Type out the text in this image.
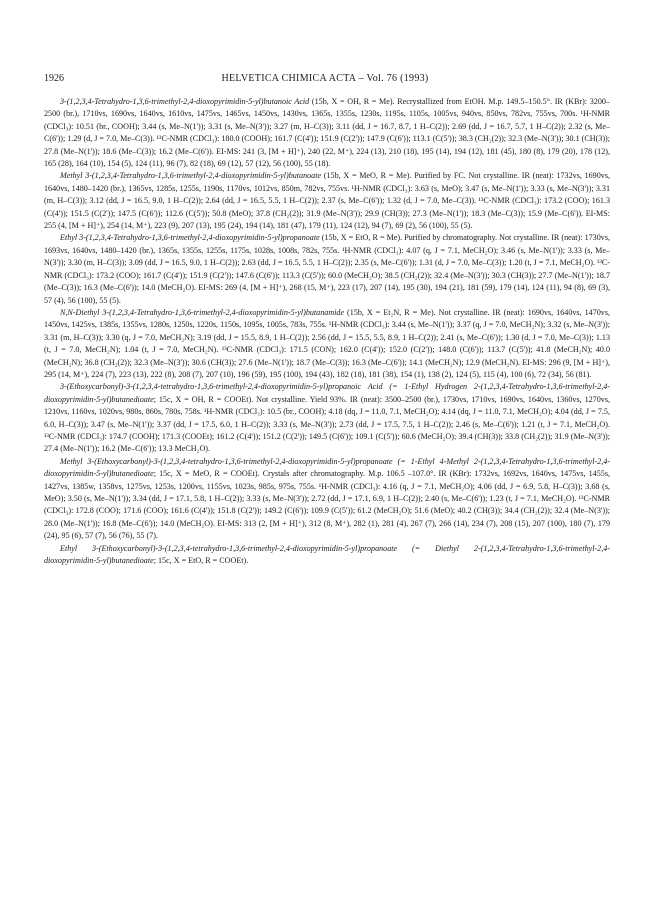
1926	HELVETICA CHIMICA ACTA – Vol. 76 (1993)

3-(1,2,3,4-Tetrahydro-1,3,6-trimethyl-2,4-dioxopyrimidin-5-yl)butanoic Acid (15b, X = OH, R = Me). Recrystallized from EtOH. M.p. 149.5–150.5°. IR (KBr): 3200–2500 (br.), 1710vs, 1690vs, 1640vs, 1610vs, 1475vs, 1465vs, 1450vs, 1430vs, 1365s, 1355s, 1230s, 1195s, 1105s, 1005vs, 940vs, 850vs, 782vs, 755vs, 700s. ¹H-NMR (CDCl₃): 10.51 (br., COOH); 3.44 (s, Me–N(1')); 3.31 (s, Me–N(3')); 3.27 (m, H–C(3)); 3.11 (dd, J = 16.7, 8.7, 1 H–C(2)); 2.69 (dd, J = 16.7, 5.7, 1 H–C(2)); 2.32 (s, Me–C(6')); 1.29 (d, J = 7.0, Me–C(3)). ¹³C-NMR (CDCl₃): 180.0 (COOH); 161.7 (C(4')); 151.9 (C(2')); 147.9 (C(6')); 113.1 (C(5')); 38.3 (CH₂(2)); 32.3 (Me–N(3')); 30.1 (CH(3)); 27.8 (Me–N(1')); 18.6 (Me–C(3)); 16.2 (Me–C(6')). EI-MS: 241 (3, [M + H]⁺), 240 (22, M⁺), 224 (13), 210 (18), 195 (14), 194 (12), 181 (45), 180 (8), 179 (20), 178 (12), 165 (28), 164 (10), 154 (5), 124 (11), 96 (7), 82 (18), 69 (12), 57 (12), 56 (100), 55 (18).

Methyl 3-(1,2,3,4-Tetrahydro-1,3,6-trimethyl-2,4-dioxopyrimidin-5-yl)butanoate (15b, X = MeO, R = Me). Purified by FC. Not crystalline. IR (neat): 1732vs, 1690vs, 1640vs, 1480–1420 (br.), 1365vs, 1285s, 1255s, 1190s, 1170vs, 1012vs, 850m, 782vs, 755vs. ¹H-NMR (CDCl₃): 3.63 (s, MeO); 3.47 (s, Me–N(1')); 3.33 (s, Me–N(3')); 3.31 (m, H–C(3)); 3.12 (dd, J = 16.5, 9.0, 1 H–C(2)); 2.64 (dd, J = 16.5, 5.5, 1 H–C(2)); 2.37 (s, Me–C(6')); 1.32 (d, J = 7.0, Me–C(3)). ¹³C-NMR (CDCl₃): 173.2 (COO); 161.3 (C(4')); 151.5 (C(2')); 147.5 (C(6')); 112.6 (C(5')); 50.8 (MeO); 37.8 (CH₂(2)); 31.9 (Me–N(3')); 29.9 (CH(3)); 27.3 (Me–N(1')); 18.3 (Me–C(3)); 15.9 (Me–C(6')). EI-MS: 255 (4, [M + H]⁺), 254 (14, M⁺), 223 (9), 207 (13), 195 (24), 194 (14), 181 (47), 179 (11), 124 (12), 94 (7), 69 (2), 56 (100), 55 (5).

Ethyl 3-(1,2,3,4-Tetrahydro-1,3,6-trimethyl-2,4-dioxopyrimidin-5-yl)propanoate (15b, X = EtO, R = Me). Purified by chromatography. Not crystalline. IR (neat): 1730vs, 1693vs, 1640vs, 1480–1420 (br.), 1365s, 1355s, 1255s, 1175s, 1028s, 1008s, 782s, 755s. ¹H-NMR (CDCl₃): 4.07 (q, J = 7.1, MeCH₂O); 3.46 (s, Me–N(1')); 3.33 (s, Me–N(3')); 3.30 (m, H–C(3)); 3.09 (dd, J = 16.5, 9.0, 1 H–C(2)); 2.63 (dd, J = 16.5, 5.5, 1 H–C(2)); 2.35 (s, Me–C(6')); 1.31 (d, J = 7.0, Me–C(3)); 1.20 (t, J = 7.1, MeCH₂O). ¹³C-NMR (CDCl₃): 173.2 (COO); 161.7 (C(4')); 151.9 (C(2')); 147.6 (C(6')); 113.3 (C(5')); 60.0 (MeCH₂O); 38.5 (CH₂(2)); 32.4 (Me–N(3')); 30.3 (CH(3)); 27.7 (Me–N(1')); 18.7 (Me–C(3)); 16.3 (Me–C(6')); 14.0 (MeCH₂O). EI-MS: 269 (4, [M + H]⁺), 268 (15, M⁺), 223 (17), 207 (14), 195 (30), 194 (21), 181 (59), 179 (14), 124 (11), 94 (8), 69 (3), 57 (4), 56 (100), 55 (5).

N,N-Diethyl 3-(1,2,3,4-Tetrahydro-1,3,6-trimethyl-2,4-dioxopyrimidin-5-yl)butanamide (15b, X = Et₂N, R = Me). Not crystalline. IR (neat): 1690vs, 1640vs, 1470vs, 1450vs, 1425vs, 1385s, 1355vs, 1280s, 1250s, 1220s, 1150s, 1095s, 1005s, 783s, 755s. ¹H-NMR (CDCl₃): 3.44 (s, Me–N(1')); 3.37 (q, J = 7.0, MeCH₂N); 3.32 (s, Me–N(3')); 3.31 (m, H–C(3)); 3.30 (q, J = 7.0, MeCH₂N); 3.19 (dd, J = 15.5, 8.9, 1 H–C(2)); 2.56 (dd, J = 15.5, 5.5, 8.9, 1 H–C(2)); 2.41 (s, Me–C(6')); 1.30 (d, J = 7.0, Me–C(3)); 1.13 (t, J = 7.0, MeCH₂N); 1.04 (t, J = 7.0, MeCH₂N). ¹³C-NMR (CDCl₃): 171.5 (CON); 162.0 (C(4')); 152.0 (C(2')); 148.0 (C(6')); 113.7 (C(5')); 41.8 (MeCH₂N); 40.0 (MeCH₂N); 36.8 (CH₂(2)); 32.3 (Me–N(3')); 30.6 (CH(3)); 27.6 (Me–N(1')); 18.7 (Me–C(3)); 16.3 (Me–C(6')); 14.1 (MeCH₂N); 12.9 (MeCH₂N). EI-MS: 296 (9, [M + H]⁺), 295 (14, M⁺), 224 (7), 223 (13), 222 (8), 208 (7), 207 (10), 196 (59), 195 (100), 194 (43), 182 (18), 181 (38), 154 (1), 138 (2), 124 (5), 115 (4), 100 (6), 72 (34), 56 (81).

3-(Ethoxycarbonyl)-3-(1,2,3,4-tetrahydro-1,3,6-trimethyl-2,4-dioxopyrimidin-5-yl)propanoic Acid (= 1-Ethyl Hydrogen 2-(1,2,3,4-Tetrahydro-1,3,6-trimethyl-2,4-dioxopyrimidin-5-yl)butanedioate; 15c, X = OH, R = COOEt). Not crystalline. Yield 93%. IR (neat): 3500–2500 (br.), 1730vs, 1710vs, 1690vs, 1640vs, 1360vs, 1270vs, 1210vs, 1160vs, 1020vs, 980s, 860s, 780s, 758s. ¹H-NMR (CDCl₃): 10.5 (br., COOH); 4.18 (dq, J = 11.0, 7.1, MeCH₂O); 4.14 (dq, J = 11.0, 7.1, MeCH₂O); 4.04 (dd, J = 7.5, 6.0, H–C(3)); 3.47 (s, Me–N(1')); 3.37 (dd, J = 17.5, 6.0, 1 H–C(2)); 3.33 (s, Me–N(3')); 2.73 (dd, J = 17.5, 7.5, 1 H–C(2)); 2.46 (s, Me–C(6')); 1.21 (t, J = 7.1, MeCH₂O). ¹³C-NMR (CDCl₃): 174.7 (COOH); 171.3 (COOEt); 161.2 (C(4')); 151.2 (C(2')); 149.5 (C(6')); 109.1 (C(5')); 60.6 (MeCH₂O); 39.4 (CH(3)); 33.8 (CH₂(2)); 31.9 (Me–N(3')); 27.4 (Me–N(1')); 16.2 (Me–C(6')); 13.3 MeCH₂O).

Methyl 3-(Ethoxycarbonyl)-3-(1,2,3,4-tetrahydro-1,3,6-trimethyl-2,4-dioxopyrimidin-5-yl)propanoate (= 1-Ethyl 4-Methyl 2-(1,2,3,4-Tetrahydro-1,3,6-trimethyl-2,4-dioxopyrimidin-5-yl)butanedioate; 15c, X = MeO, R = COOEt). Crystals after chromatography. M.p. 106.5 –107.0°. IR (KBr): 1732vs, 1692vs, 1640vs, 1475vs, 1455s, 1427vs, 1385w, 1358vs, 1275vs, 1253s, 1200vs, 1155vs, 1023s, 985s, 975s, 755s. ¹H-NMR (CDCl₃): 4.16 (q, J = 7.1, MeCH₂O); 4.06 (dd, J = 6.9, 5.8, H–C(3)); 3.68 (s, MeO); 3.50 (s, Me–N(1')); 3.34 (dd, J = 17.1, 5.8, 1 H–C(2)); 3.33 (s, Me–N(3')); 2.72 (dd, J = 17.1, 6.9, 1 H–C(2)); 2.40 (s, Me–C(6')); 1.23 (t, J = 7.1, MeCH₂O). ¹³C-NMR (CDCl₃): 172.8 (COO); 171.6 (COO); 161.6 (C(4')); 151.8 (C(2')); 149.2 (C(6')); 109.9 (C(5')); 61.2 (MeCH₂O); 51.6 (MeO); 40.2 (CH(3)); 34.4 (CH₂(2)); 32.4 (Me–N(3')); 28.0 (Me–N(1')); 16.8 (Me–C(6')); 14.0 (MeCH₂O). EI-MS: 313 (2, [M + H]⁺), 312 (8, M⁺), 282 (1), 281 (4), 267 (7), 266 (14), 234 (7), 208 (15), 207 (100), 180 (7), 179 (24), 95 (6), 57 (7), 56 (76), 55 (7).

Ethyl 3-(Ethoxycarbonyl)-3-(1,2,3,4-tetrahydro-1,3,6-trimethyl-2,4-dioxopyrimidin-5-yl)propanoate (= Diethyl 2-(1,2,3,4-Tetrahydro-1,3,6-trimethyl-2,4-dioxopyrimidin-5-yl)butanedioate; 15c, X = EtO, R = COOEt).
